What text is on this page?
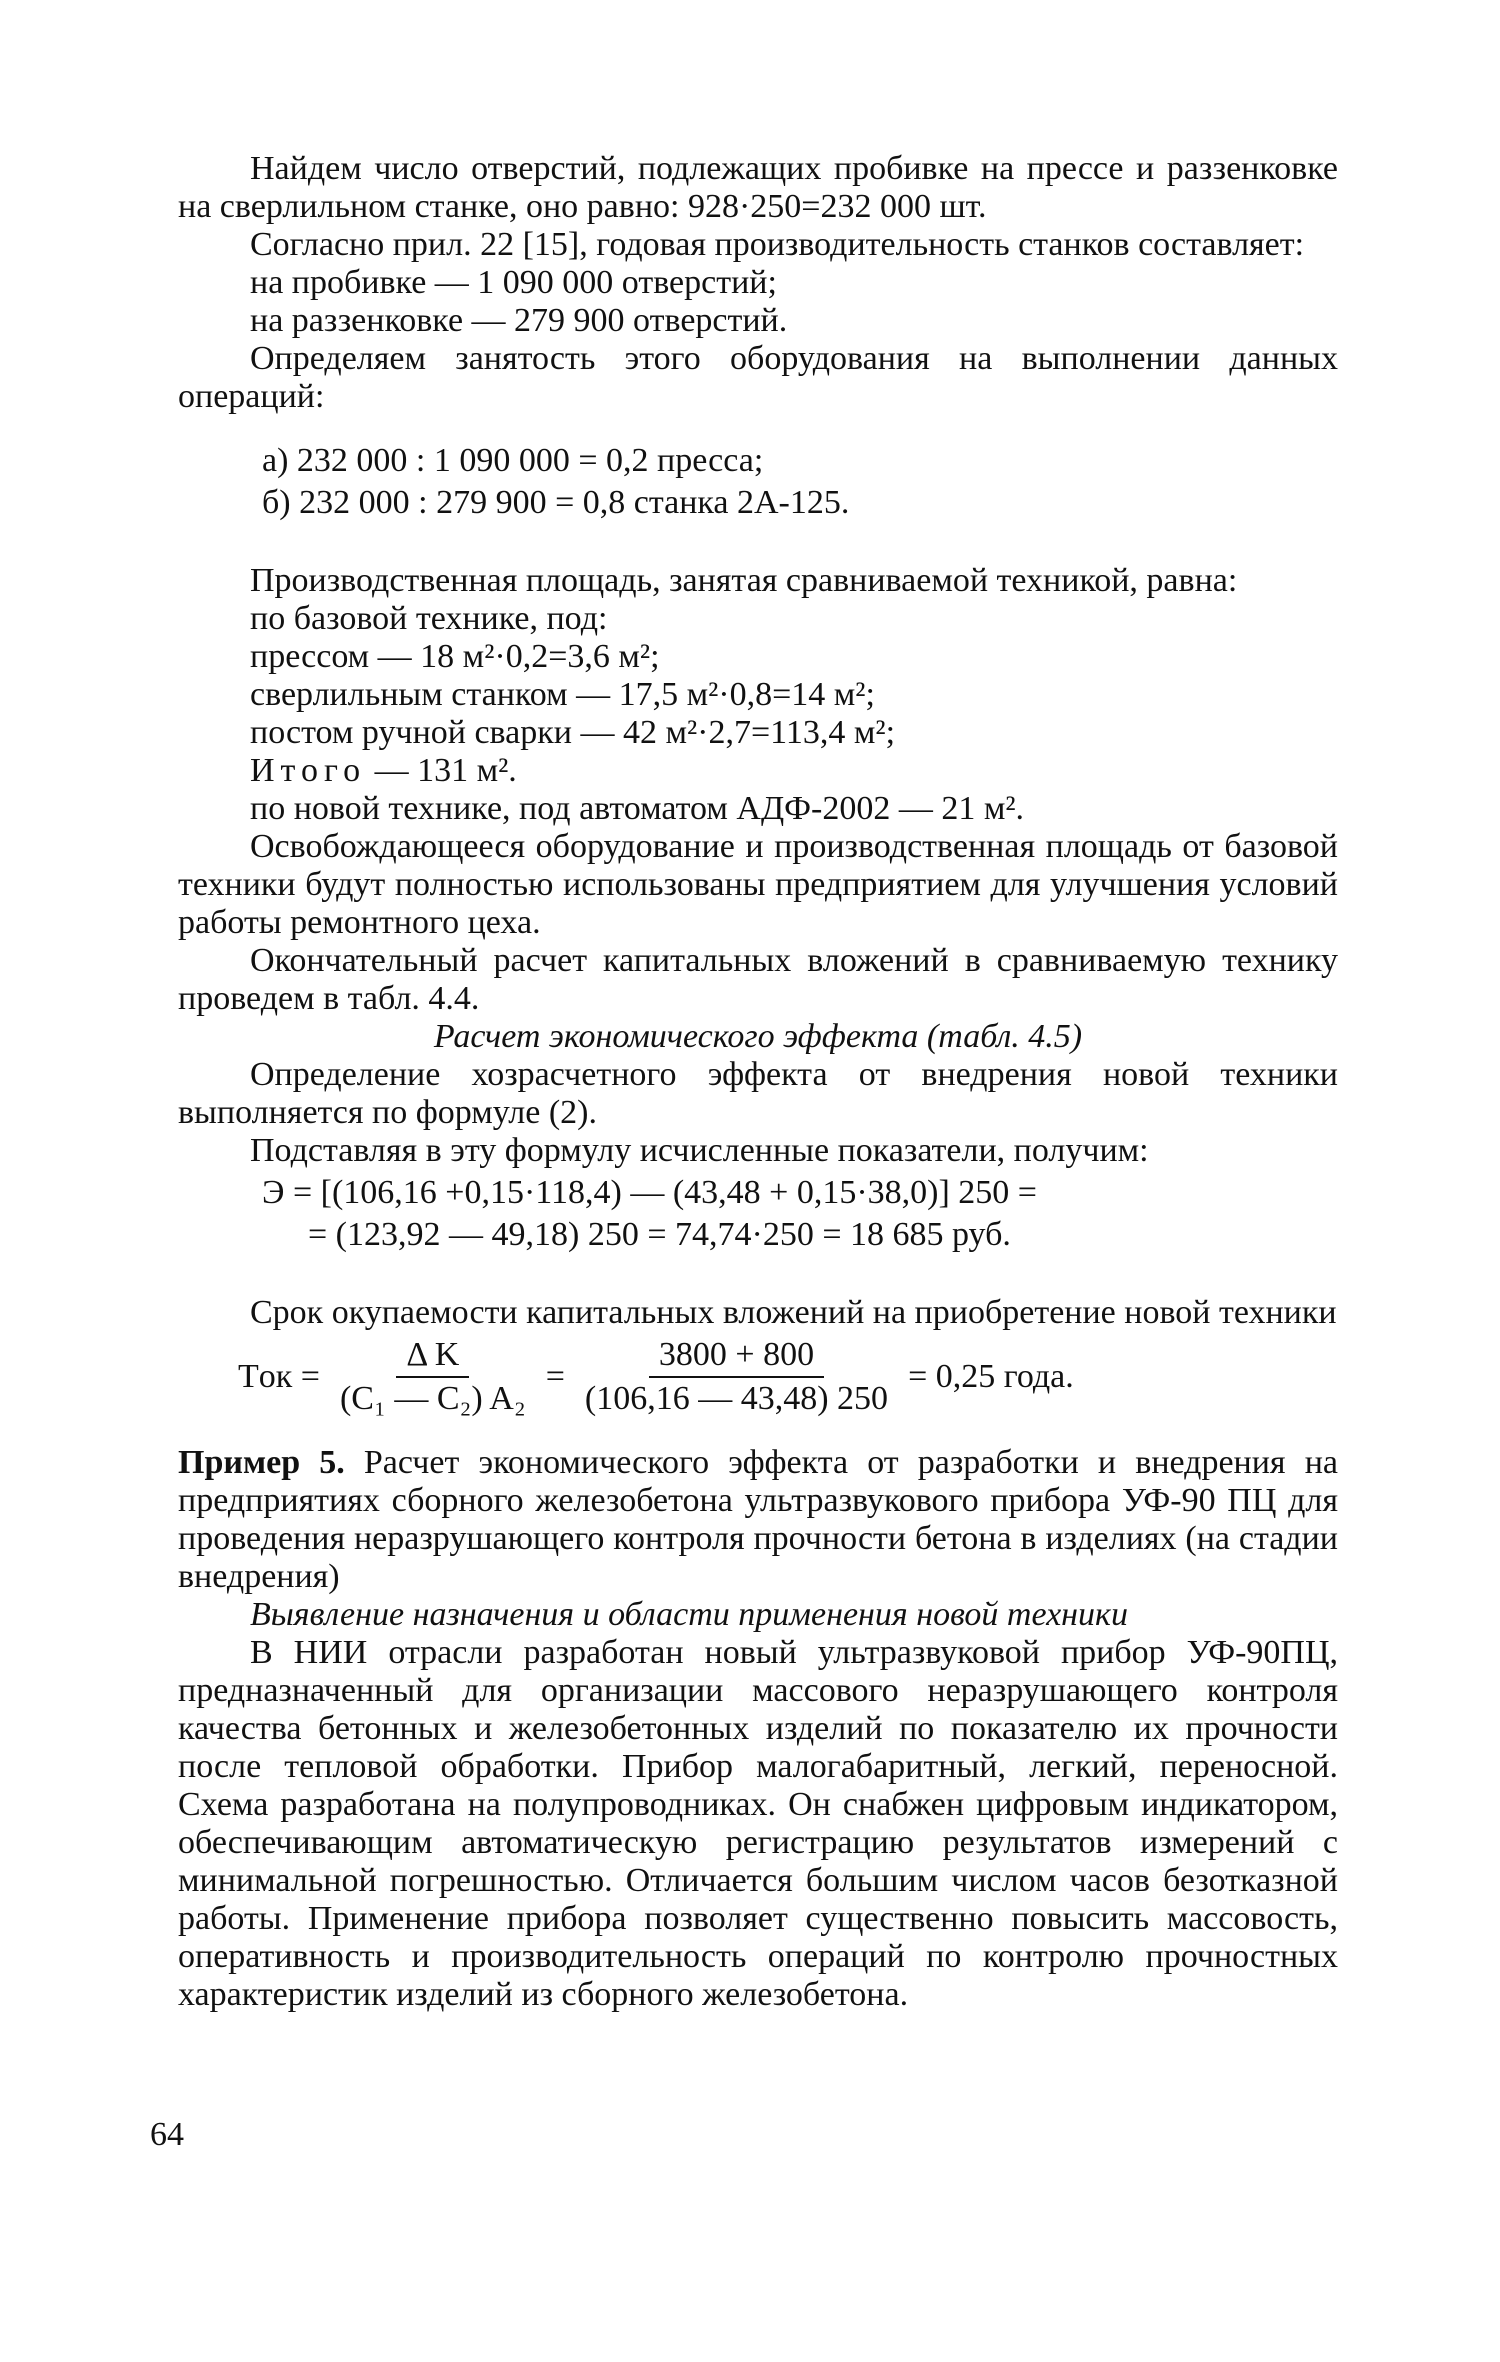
Найдем число отверстий, подлежащих пробивке на прессе и раззенковке на сверлильном станке, оно равно: 928·250=232 000 шт.

Согласно прил. 22 [15], годовая производительность станков составляет:

на пробивке — 1 090 000 отверстий;

на раззенковке — 279 900 отверстий.

Определяем занятость этого оборудования на выполнении данных операций:

а) 232 000 : 1 090 000 = 0,2 пресса;

б) 232 000 : 279 900 = 0,8 станка 2А-125.

Производственная площадь, занятая сравниваемой техникой, равна:

по базовой технике, под:

прессом — 18 м²·0,2=3,6 м²;

сверлильным станком — 17,5 м²·0,8=14 м²;

постом ручной сварки — 42 м²·2,7=113,4 м²;

Итого — 131 м².

по новой технике, под автоматом АДФ-2002 — 21 м².

Освобождающееся оборудование и производственная площадь от базовой техники будут полностью использованы предприятием для улучшения условий работы ремонтного цеха.

Окончательный расчет капитальных вложений в сравниваемую технику проведем в табл. 4.4.

Расчет экономического эффекта (табл. 4.5)

Определение хозрасчетного эффекта от внедрения новой техники выполняется по формуле (2).

Подставляя в эту формулу исчисленные показатели, получим:

Э = [(106,16 +0,15·118,4) — (43,48 + 0,15·38,0)] 250 =

= (123,92 — 49,18) 250 = 74,74·250 = 18 685 руб.

Срок окупаемости капитальных вложений на приобретение новой техники

Tок = $\frac{\text{Δ K}}{\text{(C₁ — C₂) A₂}} = \frac{3800 + 800}{(106,16 — 43,48) 250} = 0,25$ года.

Пример 5. Расчет экономического эффекта от разработки и внедрения на предприятиях сборного железобетона ультразвукового прибора УФ-90 ПЦ для проведения неразрушающего контроля прочности бетона в изделиях (на стадии внедрения)

Выявление назначения и области применения новой техники

В НИИ отрасли разработан новый ультразвуковой прибор УФ-90ПЦ, предназначенный для организации массового неразрушающего контроля качества бетонных и железобетонных изделий по показателю их прочности после тепловой обработки. Прибор малогабаритный, легкий, переносной. Схема разработана на полупроводниках. Он снабжен цифровым индикатором, обеспечивающим автоматическую регистрацию результатов измерений с минимальной погрешностью. Отличается большим числом часов безотказной работы. Применение прибора позволяет существенно повысить массовость, оперативность и производительность операций по контролю прочностных характеристик изделий из сборного железобетона.

64
